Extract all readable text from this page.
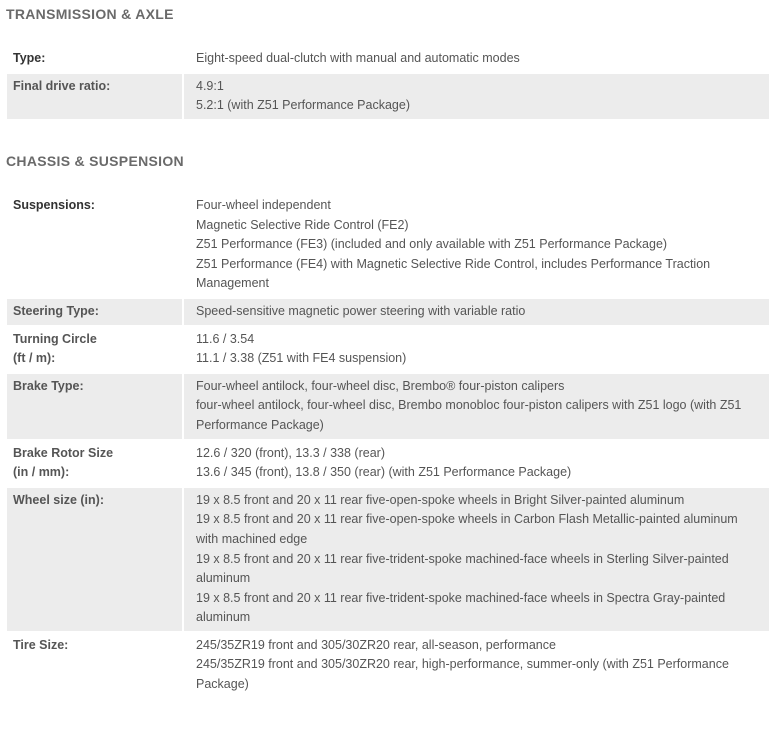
TRANSMISSION & AXLE
Type:	Eight-speed dual-clutch with manual and automatic modes

Final drive ratio:	4.9:1
5.2:1 (with Z51 Performance Package)
CHASSIS & SUSPENSION
Suspensions:	Four-wheel independent
Magnetic Selective Ride Control (FE2)
Z51 Performance (FE3) (included and only available with Z51 Performance Package)
Z51 Performance (FE4) with Magnetic Selective Ride Control, includes Performance Traction Management

Steering Type:	Speed-sensitive magnetic power steering with variable ratio

Turning Circle
(ft / m):	11.6 / 3.54
11.1 / 3.38 (Z51 with FE4 suspension)

Brake Type:	Four-wheel antilock, four-wheel disc, Brembo® four-piston calipers
four-wheel antilock, four-wheel disc, Brembo monobloc four-piston calipers with Z51 logo (with Z51 Performance Package)

Brake Rotor Size
(in / mm):	12.6 / 320 (front), 13.3 / 338 (rear)
13.6 / 345 (front), 13.8 / 350 (rear) (with Z51 Performance Package)

Wheel size (in):	19 x 8.5 front and 20 x 11 rear five-open-spoke wheels in Bright Silver-painted aluminum
19 x 8.5 front and 20 x 11 rear five-open-spoke wheels in Carbon Flash Metallic-painted aluminum with machined edge
19 x 8.5 front and 20 x 11 rear five-trident-spoke machined-face wheels in Sterling Silver-painted aluminum
19 x 8.5 front and 20 x 11 rear five-trident-spoke machined-face wheels in Spectra Gray-painted aluminum

Tire Size:	245/35ZR19 front and 305/30ZR20 rear, all-season, performance
245/35ZR19 front and 305/30ZR20 rear, high-performance, summer-only (with Z51 Performance Package)
